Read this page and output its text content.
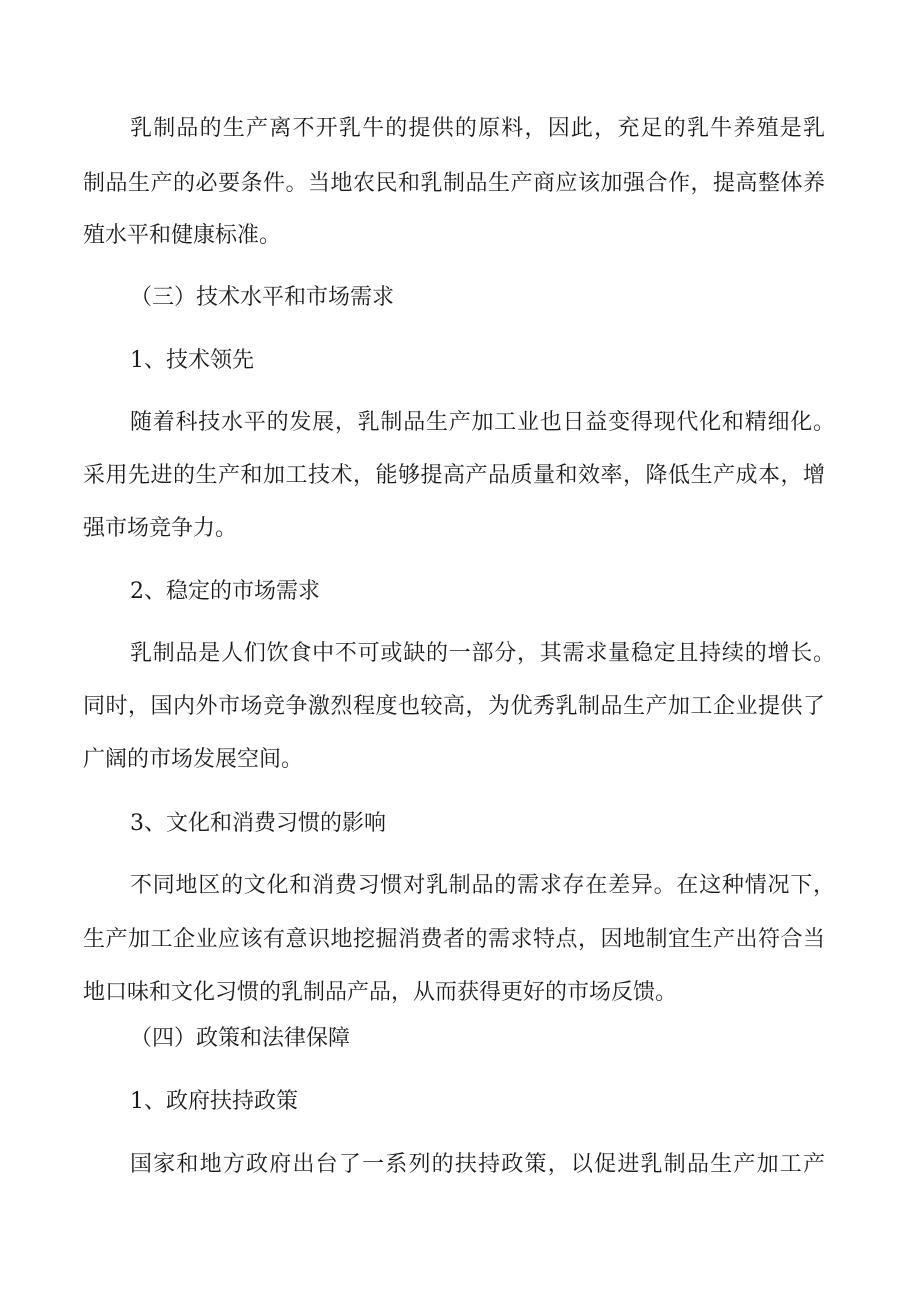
乳制品的生产离不开乳牛的提供的原料，因此，充足的乳牛养殖是乳

制品生产的必要条件。当地农民和乳制品生产商应该加强合作，提高整体养

殖水平和健康标准。

（三）技术水平和市场需求
1、技术领先

随着科技水平的发展，乳制品生产加工业也日益变得现代化和精细化。

采用先进的生产和加工技术，能够提高产品质量和效率，降低生产成本，增

强市场竞争力。

2、稳定的市场需求

乳制品是人们饮食中不可或缺的一部分，其需求量稳定且持续的增长。

同时，国内外市场竞争激烈程度也较高，为优秀乳制品生产加工企业提供了

广阔的市场发展空间。

3、文化和消费习惯的影响

不同地区的文化和消费习惯对乳制品的需求存在差异。在这种情况下，

生产加工企业应该有意识地挖掘消费者的需求特点，因地制宜生产出符合当

地口味和文化习惯的乳制品产品，从而获得更好的市场反馈。

（四）政策和法律保障
1、政府扶持政策

国家和地方政府出台了一系列的扶持政策，以促进乳制品生产加工产
